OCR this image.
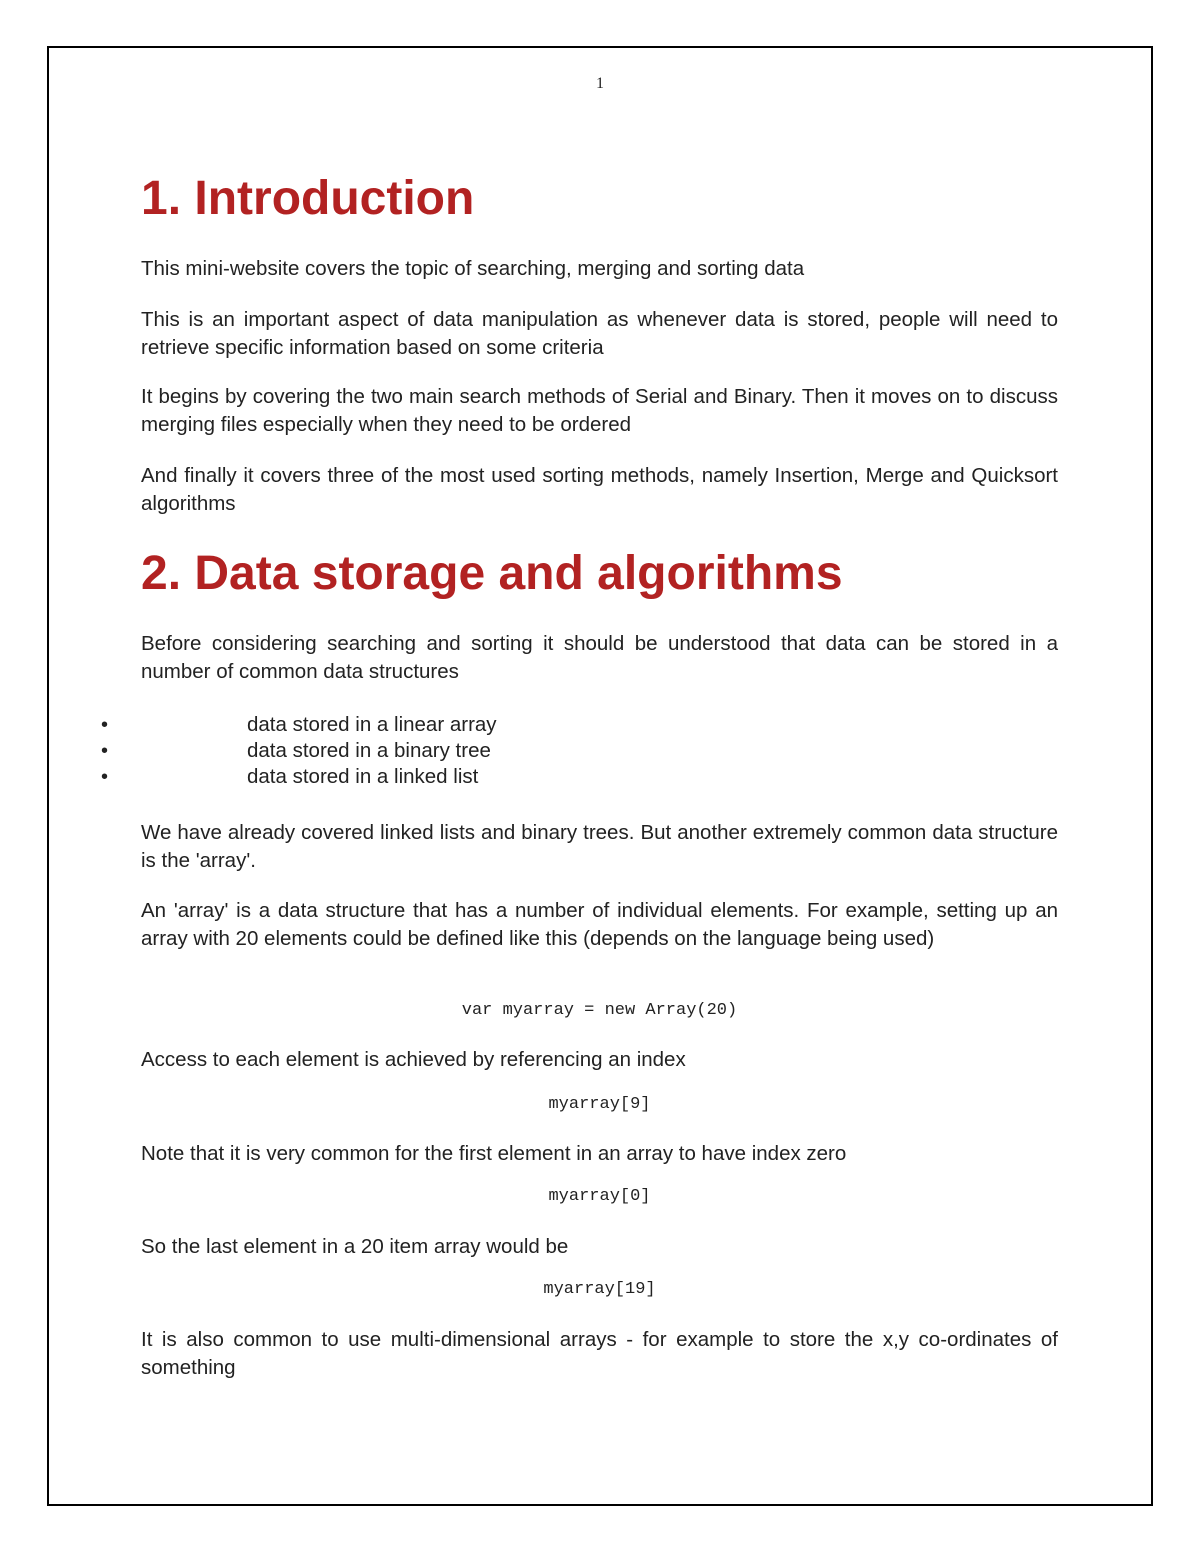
1
1. Introduction

This mini-website covers the topic of searching, merging and sorting data

This is an important aspect of data manipulation as whenever data is stored, people will need to retrieve specific information based on some criteria

It begins by covering the two main search methods of Serial and Binary. Then it moves on to discuss merging files especially when they need to be ordered

And finally it covers three of the most used sorting methods, namely Insertion, Merge and Quicksort algorithms

2. Data storage and algorithms

Before considering searching and sorting it should be understood that data can be stored in a number of common data structures

•	data stored in a linear array
•	data stored in a binary tree
•	data stored in a linked list

We have already covered linked lists and binary trees. But another extremely common data structure is the 'array'.

An 'array' is a data structure that has a number of individual elements. For example, setting up an array with 20 elements could be defined like this (depends on the language being used)

var myarray = new Array(20)

Access to each element is achieved by referencing an index

myarray[9]

Note that it is very common for the first element in an array to have index zero

myarray[0]

So the last element in a 20 item array would be

myarray[19]

It is also common to use multi-dimensional arrays - for example to store the x,y co-ordinates of something
